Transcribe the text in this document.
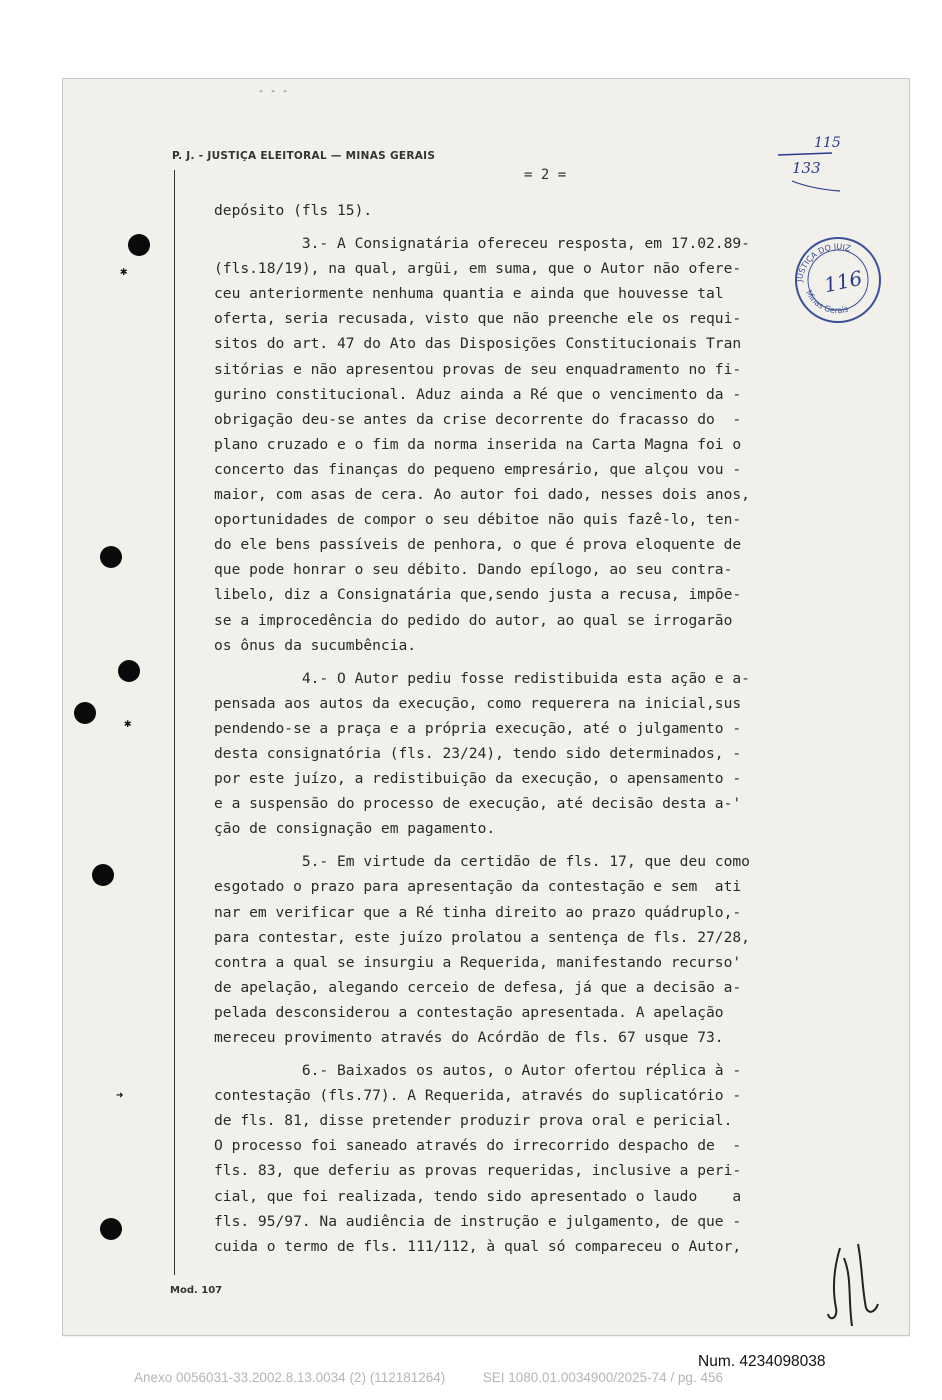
- - -
P. J. - JUSTIÇA ELEITORAL — MINAS GERAIS
= 2 =
115
133
✱
✱
➜
JUSTIÇA DO JUIZ
Minas Gerais
116
depósito (fls 15).
3.- A Consignatária ofereceu resposta, em 17.02.89-
(fls.18/19), na qual, argüi, em suma, que o Autor não ofere-
ceu anteriormente nenhuma quantia e ainda que houvesse tal
oferta, seria recusada, visto que não preenche ele os requi-
sitos do art. 47 do Ato das Disposições Constitucionais Tran
sitórias e não apresentou provas de seu enquadramento no fi-
gurino constitucional. Aduz ainda a Ré que o vencimento da -
obrigação deu-se antes da crise decorrente do fracasso do  -
plano cruzado e o fim da norma inserida na Carta Magna foi o
concerto das finanças do pequeno empresário, que alçou vou -
maior, com asas de cera. Ao autor foi dado, nesses dois anos,
oportunidades de compor o seu débitoe não quis fazê-lo, ten-
do ele bens passíveis de penhora, o que é prova eloquente de
que pode honrar o seu débito. Dando epílogo, ao seu contra-
libelo, diz a Consignatária que,sendo justa a recusa, impõe-
se a improcedência do pedido do autor, ao qual se irrogarão
os ônus da sucumbência.
4.- O Autor pediu fosse redistibuida esta ação e a-
pensada aos autos da execução, como requerera na inicial,sus
pendendo-se a praça e a própria execução, até o julgamento -
desta consignatória (fls. 23/24), tendo sido determinados, -
por este juízo, a redistibuição da execução, o apensamento -
e a suspensão do processo de execução, até decisão desta a-'
ção de consignação em pagamento.
5.- Em virtude da certidão de fls. 17, que deu como
esgotado o prazo para apresentação da contestação e sem  ati
nar em verificar que a Ré tinha direito ao prazo quádruplo,-
para contestar, este juízo prolatou a sentença de fls. 27/28,
contra a qual se insurgiu a Requerida, manifestando recurso'
de apelação, alegando cerceio de defesa, já que a decisão a-
pelada desconsiderou a contestação apresentada. A apelação
mereceu provimento através do Acórdão de fls. 67 usque 73.
6.- Baixados os autos, o Autor ofertou réplica à -
contestação (fls.77). A Requerida, através do suplicatório -
de fls. 81, disse pretender produzir prova oral e pericial.
O processo foi saneado através do irrecorrido despacho de  -
fls. 83, que deferiu as provas requeridas, inclusive a peri-
cial, que foi realizada, tendo sido apresentado o laudo    a
fls. 95/97. Na audiência de instrução e julgamento, de que -
cuida o termo de fls. 111/112, à qual só compareceu o Autor,
Mod. 107
Num. 4234098038
Anexo 0056031-33.2002.8.13.0034 (2) (112181264)          SEI 1080.01.0034900/2025-74 / pg. 456
